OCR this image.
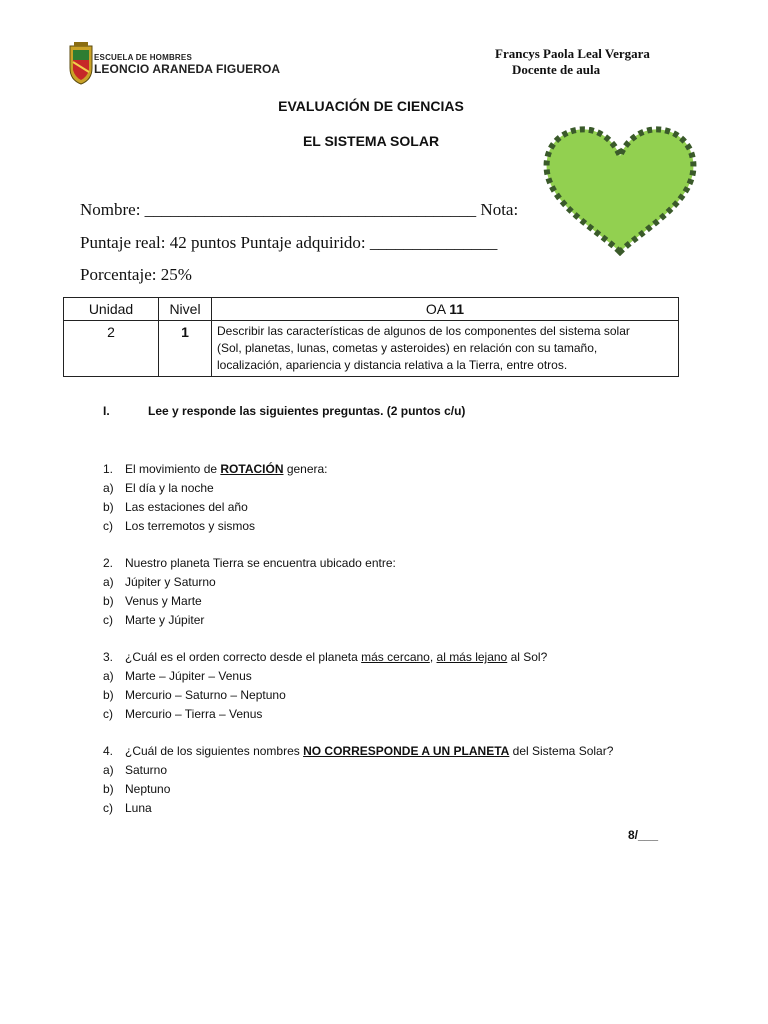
ESCUELA DE HOMBRES
LEONCIO ARANEDA FIGUEROA
Francys Paola Leal Vergara
Docente de aula
EVALUACIÓN DE CIENCIAS
EL SISTEMA SOLAR
Nombre: _______________________________________ Nota:
Puntaje real: 42 puntos Puntaje adquirido: _______________
Porcentaje: 25%
Unidad	Nivel	OA 11
2	1	Describir las características de algunos de los componentes del sistema solar
(Sol, planetas, lunas, cometas y asteroides) en relación con su tamaño,
localización, apariencia y distancia relativa a la Tierra, entre otros.
I.	Lee y responde las siguientes preguntas. (2 puntos c/u)
1. El movimiento de ROTACIÓN genera:
a) El día y la noche
b) Las estaciones del año
c) Los terremotos y sismos
2. Nuestro planeta Tierra se encuentra ubicado entre:
a) Júpiter y Saturno
b) Venus y Marte
c) Marte y Júpiter
3. ¿Cuál es el orden correcto desde el planeta más cercano, al más lejano al Sol?
a) Marte – Júpiter – Venus
b) Mercurio – Saturno – Neptuno
c) Mercurio – Tierra – Venus
4. ¿Cuál de los siguientes nombres NO CORRESPONDE A UN PLANETA del Sistema Solar?
a) Saturno
b) Neptuno
c) Luna
8/___
